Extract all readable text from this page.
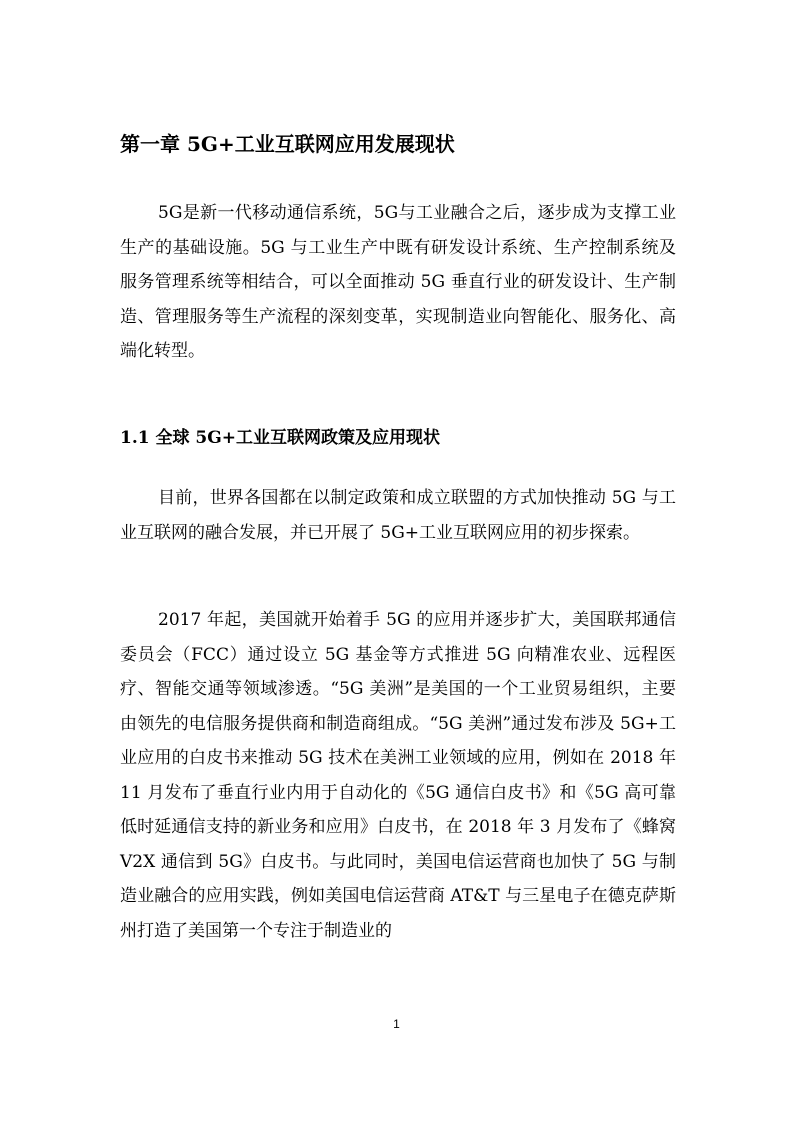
第一章 5G+工业互联网应用发展现状

5G是新一代移动通信系统，5G与工业融合之后，逐步成为支撑工业生产的基础设施。5G 与工业生产中既有研发设计系统、生产控制系统及服务管理系统等相结合，可以全面推动 5G 垂直行业的研发设计、生产制造、管理服务等生产流程的深刻变革，实现制造业向智能化、服务化、高端化转型。

1.1 全球 5G+工业互联网政策及应用现状

目前，世界各国都在以制定政策和成立联盟的方式加快推动 5G 与工业互联网的融合发展，并已开展了 5G+工业互联网应用的初步探索。

2017 年起，美国就开始着手 5G 的应用并逐步扩大，美国联邦通信委员会（FCC）通过设立 5G 基金等方式推进 5G 向精准农业、远程医疗、智能交通等领域渗透。“5G 美洲”是美国的一个工业贸易组织，主要由领先的电信服务提供商和制造商组成。“5G 美洲”通过发布涉及 5G+工业应用的白皮书来推动 5G 技术在美洲工业领域的应用，例如在 2018 年 11 月发布了垂直行业内用于自动化的《5G 通信白皮书》和《5G 高可靠低时延通信支持的新业务和应用》白皮书，在 2018 年 3 月发布了《蜂窝 V2X 通信到 5G》白皮书。与此同时，美国电信运营商也加快了 5G 与制造业融合的应用实践，例如美国电信运营商 AT&T 与三星电子在德克萨斯州打造了美国第一个专注于制造业的

1
